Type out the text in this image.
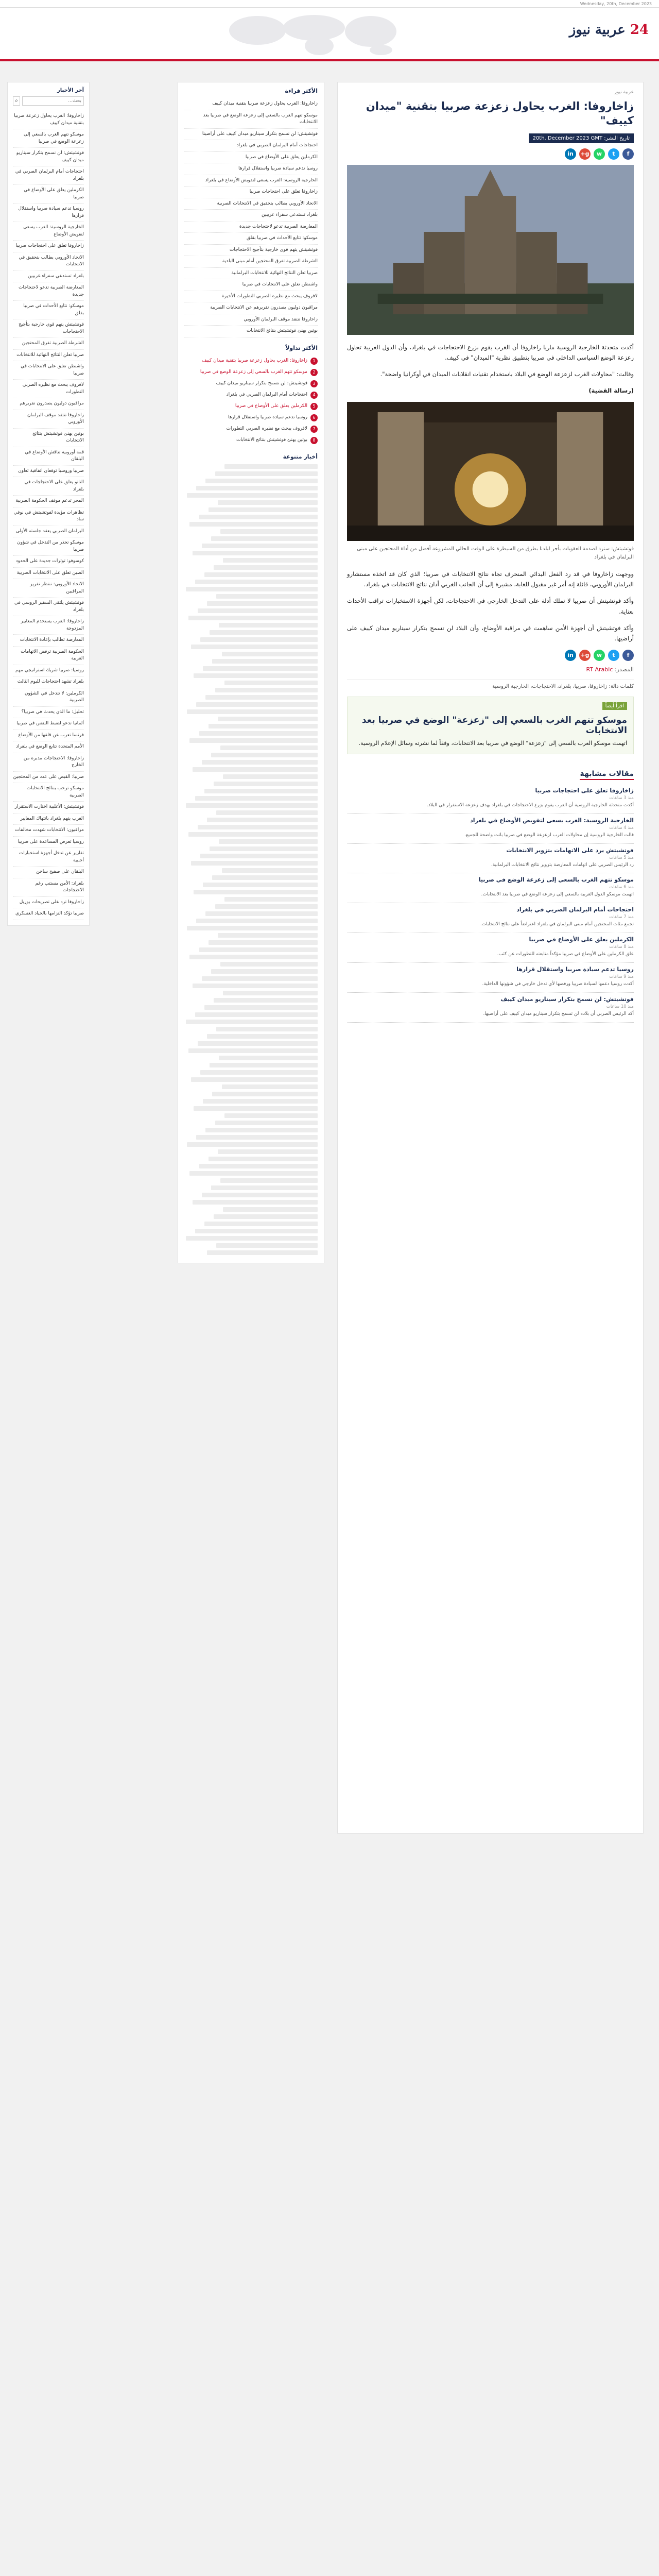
Wednesday, 20th, December 2023
24 عربية نيوز
عربية نيوز
زاخاروفا: الغرب يحاول زعزعة صربيا بتقنية "ميدان كييف"
تاريخ النشر: 20th, December 2023 GMT
f
t
w
g+
in

أكدت متحدثة الخارجية الروسية ماريا زاخاروفا أن الغرب يقوم بزرع الاحتجاجات في بلغراد، وأن الدول الغربية تحاول زعزعة الوضع السياسي الداخلي في صربيا بتطبيق نظرية "الميدان" في كييف.

وقالت: "محاولات الغرب لزعزعة الوضع في البلاد باستخدام تقنيات انقلابات الميدان في أوكرانيا واضحة".

(رسالة القضية)

فوتشيتش: سنرد لصدمة العقوبات بأجر لبلدنا بطرق من السيطرة على الوقت الحالي المشروعة أفضل من أداة المحتجين على مبنى البرلمان في بلغراد

ووجهت زاخاروفا في قد رد الفعل البدائي المنحرف تجاه نتائج الانتخابات في صربيا؛ الذي كان قد اتخذه مستشارو البرلمان الأوروبي، قائلة إنه أمر غير مقبول للغاية، مشيرة إلى أن الجانب الغربي أدان نتائج الانتخابات في بلغراد.

وأكد فوتشيتش أن صربيا لا تملك أدلة على التدخل الخارجي في الاحتجاجات، لكن أجهزة الاستخبارات تراقب الأحداث بعناية.

وأكد فوتشيتش أن أجهزة الأمن ساهمت في مراقبة الأوضاع، وأن البلاد لن تسمح بتكرار سيناريو ميدان كييف على أراضيها.

f
t
w
g+
in
المصدر: RT Arabic
كلمات دالة: زاخاروفا، صربيا، بلغراد، الاحتجاجات، الخارجية الروسية
اقرأ أيضاً
موسكو تتهم الغرب بالسعي إلى "زعزعة" الوضع في صربيا بعد الانتخابات
اتهمت موسكو الغرب بالسعي إلى "زعزعة" الوضع في صربيا بعد الانتخابات، وفقاً لما نشرته وسائل الإعلام الروسية.
مقالات مشابهة
زاخاروفا تعلق على احتجاجات صربيا
منذ 3 ساعات
أكدت متحدثة الخارجية الروسية أن الغرب يقوم بزرع الاحتجاجات في بلغراد بهدف زعزعة الاستقرار في البلاد.
الخارجية الروسية: الغرب يسعى لتقويض الأوضاع في بلغراد
منذ 4 ساعات
قالت الخارجية الروسية إن محاولات الغرب لزعزعة الوضع في صربيا باتت واضحة للجميع.
فوتشيتش يرد على الاتهامات بتزوير الانتخابات
منذ 5 ساعات
رد الرئيس الصربي على اتهامات المعارضة بتزوير نتائج الانتخابات البرلمانية.
موسكو تتهم الغرب بالسعي إلى زعزعة الوضع في صربيا
منذ 6 ساعات
اتهمت موسكو الدول الغربية بالسعي إلى زعزعة الوضع في صربيا بعد الانتخابات.
احتجاجات أمام البرلمان الصربي في بلغراد
منذ 7 ساعات
تجمع مئات المحتجين أمام مبنى البرلمان في بلغراد اعتراضاً على نتائج الانتخابات.
الكرملين يعلق على الأوضاع في صربيا
منذ 8 ساعات
علق الكرملين على الأوضاع في صربيا مؤكداً متابعته للتطورات عن كثب.
روسيا تدعم سيادة صربيا واستقلال قرارها
منذ 9 ساعات
أكدت روسيا دعمها لسيادة صربيا ورفضها لأي تدخل خارجي في شؤونها الداخلية.
فوتشيتش: لن نسمح بتكرار سيناريو ميدان كييف
منذ 10 ساعات
أكد الرئيس الصربي أن بلاده لن تسمح بتكرار سيناريو ميدان كييف على أراضيها.
الأكثر قراءة
زاخاروفا: الغرب يحاول زعزعة صربيا بتقنية ميدان كييف
موسكو تتهم الغرب بالسعي إلى زعزعة الوضع في صربيا بعد الانتخابات
فوتشيتش: لن نسمح بتكرار سيناريو ميدان كييف على أراضينا
احتجاجات أمام البرلمان الصربي في بلغراد
الكرملين يعلق على الأوضاع في صربيا
روسيا تدعم سيادة صربيا واستقلال قرارها
الخارجية الروسية: الغرب يسعى لتقويض الأوضاع في بلغراد
زاخاروفا تعلق على احتجاجات صربيا
الاتحاد الأوروبي يطالب بتحقيق في الانتخابات الصربية
بلغراد تستدعي سفراء غربيين
المعارضة الصربية تدعو لاحتجاجات جديدة
موسكو: نتابع الأحداث في صربيا بقلق
فوتشيتش يتهم قوى خارجية بتأجيج الاحتجاجات
الشرطة الصربية تفرق المحتجين أمام مبنى البلدية
صربيا تعلن النتائج النهائية للانتخابات البرلمانية
واشنطن تعلق على الانتخابات في صربيا
لافروف يبحث مع نظيره الصربي التطورات الأخيرة
مراقبون دوليون يصدرون تقريرهم عن الانتخابات الصربية
زاخاروفا تنتقد موقف البرلمان الأوروبي
بوتين يهنئ فوتشيتش بنتائج الانتخابات
الأكثر تداولاً
1
زاخاروفا: الغرب يحاول زعزعة صربيا بتقنية ميدان كييف
2
موسكو تتهم الغرب بالسعي إلى زعزعة الوضع في صربيا
3
فوتشيتش: لن نسمح بتكرار سيناريو ميدان كييف
4
احتجاجات أمام البرلمان الصربي في بلغراد
5
الكرملين يعلق على الأوضاع في صربيا
6
روسيا تدعم سيادة صربيا واستقلال قرارها
7
لافروف يبحث مع نظيره الصربي التطورات
8
بوتين يهنئ فوتشيتش بنتائج الانتخابات
أخبار متنوعة
آخر الأخبار
بحث...
⌕
زاخاروفا: الغرب يحاول زعزعة صربيا بتقنية ميدان كييف
موسكو تتهم الغرب بالسعي إلى زعزعة الوضع في صربيا
فوتشيتش: لن نسمح بتكرار سيناريو ميدان كييف
احتجاجات أمام البرلمان الصربي في بلغراد
الكرملين يعلق على الأوضاع في صربيا
روسيا تدعم سيادة صربيا واستقلال قرارها
الخارجية الروسية: الغرب يسعى لتقويض الأوضاع
زاخاروفا تعلق على احتجاجات صربيا
الاتحاد الأوروبي يطالب بتحقيق في الانتخابات
بلغراد تستدعي سفراء غربيين
المعارضة الصربية تدعو لاحتجاجات جديدة
موسكو: نتابع الأحداث في صربيا بقلق
فوتشيتش يتهم قوى خارجية بتأجيج الاحتجاجات
الشرطة الصربية تفرق المحتجين
صربيا تعلن النتائج النهائية للانتخابات
واشنطن تعلق على الانتخابات في صربيا
لافروف يبحث مع نظيره الصربي التطورات
مراقبون دوليون يصدرون تقريرهم
زاخاروفا تنتقد موقف البرلمان الأوروبي
بوتين يهنئ فوتشيتش بنتائج الانتخابات
قمة أوروبية تناقش الأوضاع في البلقان
صربيا وروسيا توقعان اتفاقية تعاون
الناتو يعلق على الاحتجاجات في بلغراد
المجر تدعم موقف الحكومة الصربية
تظاهرات مؤيدة لفوتشيتش في نوفي ساد
البرلمان الصربي يعقد جلسته الأولى
موسكو تحذر من التدخل في شؤون صربيا
كوسوفو: توترات جديدة على الحدود
الصين تعلق على الانتخابات الصربية
الاتحاد الأوروبي: ننتظر تقرير المراقبين
فوتشيتش يلتقي السفير الروسي في بلغراد
زاخاروفا: الغرب يستخدم المعايير المزدوجة
المعارضة تطالب بإعادة الانتخابات
الحكومة الصربية ترفض الاتهامات الغربية
روسيا: صربيا شريك استراتيجي مهم
بلغراد تشهد احتجاجات لليوم الثالث
الكرملين: لا نتدخل في الشؤون الصربية
تحليل: ما الذي يحدث في صربيا؟
ألمانيا تدعو لضبط النفس في صربيا
فرنسا تعرب عن قلقها من الأوضاع
الأمم المتحدة تتابع الوضع في بلغراد
زاخاروفا: الاحتجاجات مدبرة من الخارج
صربيا: القبض على عدد من المحتجين
موسكو ترحب بنتائج الانتخابات الصربية
فوتشيتش: الأغلبية اختارت الاستقرار
الغرب يتهم بلغراد بانتهاك المعايير
مراقبون: الانتخابات شهدت مخالفات
روسيا تعرض المساعدة على صربيا
تقارير عن تدخل أجهزة استخبارات أجنبية
البلقان على صفيح ساخن
بلغراد: الأمن مستتب رغم الاحتجاجات
زاخاروفا ترد على تصريحات بوريل
صربيا تؤكد التزامها بالحياد العسكري
